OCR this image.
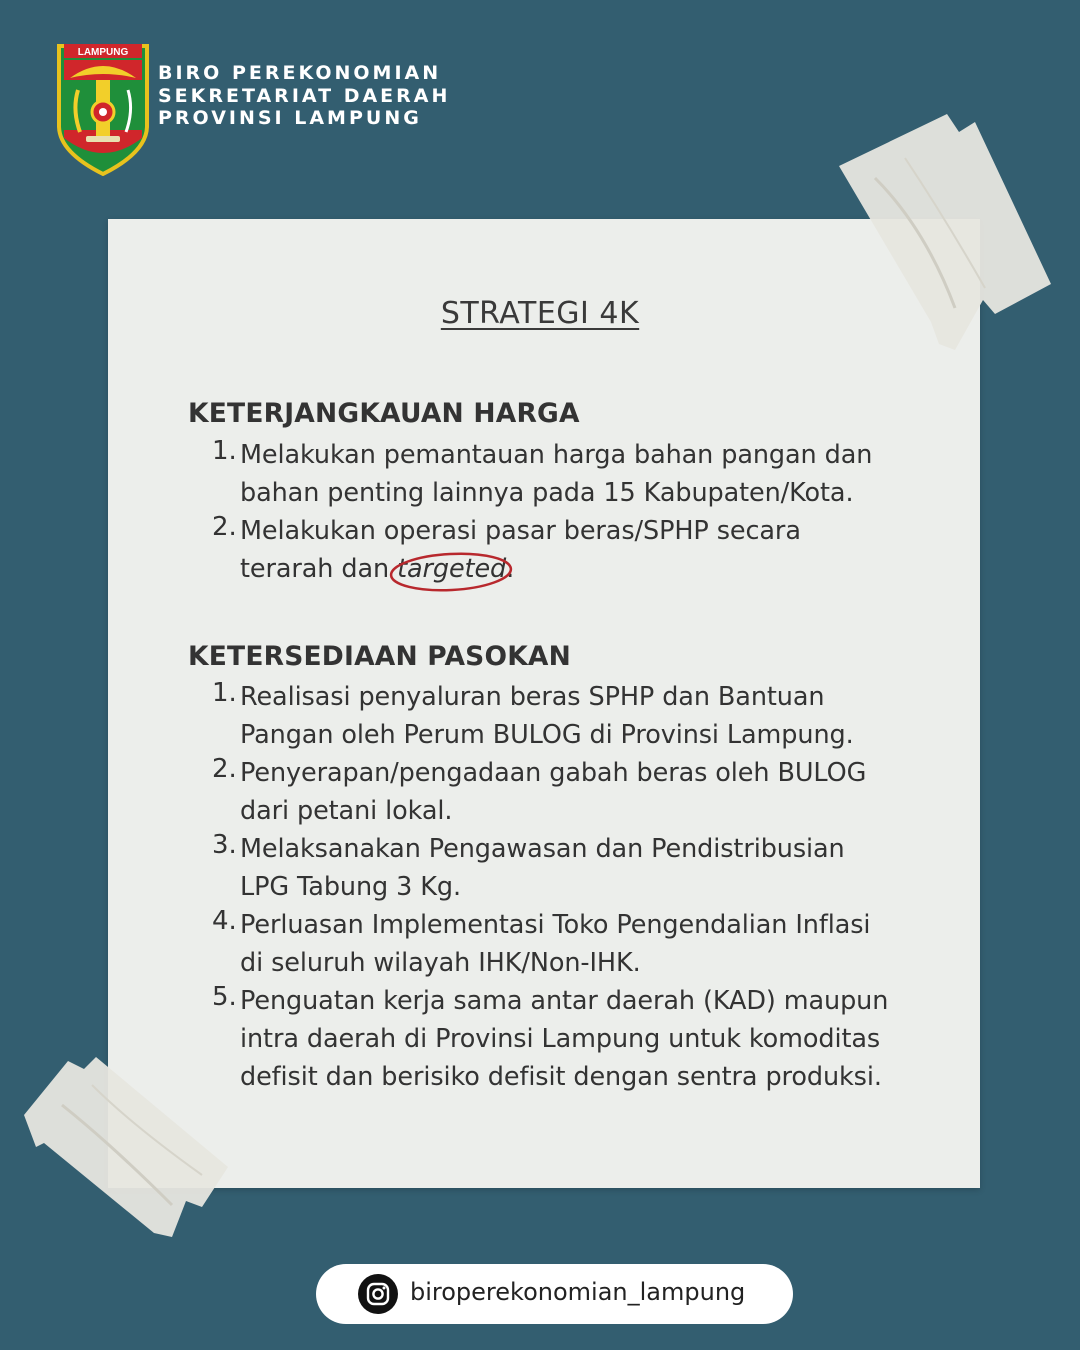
LAMPUNG
BIRO PEREKONOMIAN
SEKRETARIAT DAERAH
PROVINSI LAMPUNG
STRATEGI 4K
KETERJANGKAUAN HARGA
1. Melakukan pemantauan harga bahan pangan dan
bahan penting lainnya pada 15 Kabupaten/Kota.
2. Melakukan operasi pasar beras/SPHP secara
terarah dan targeted
.
KETERSEDIAAN PASOKAN
1. Realisasi penyaluran beras SPHP dan Bantuan
Pangan oleh Perum BULOG di Provinsi Lampung.
2. Penyerapan/pengadaan gabah beras oleh BULOG
dari petani lokal.
3. Melaksanakan Pengawasan dan Pendistribusian
LPG Tabung 3 Kg.
4. Perluasan Implementasi Toko Pengendalian Inflasi
di seluruh wilayah IHK/Non-IHK.
5. Penguatan kerja sama antar daerah (KAD) maupun
intra daerah di Provinsi Lampung untuk komoditas
defisit dan berisiko defisit dengan sentra produksi.
biroperekonomian_lampung
